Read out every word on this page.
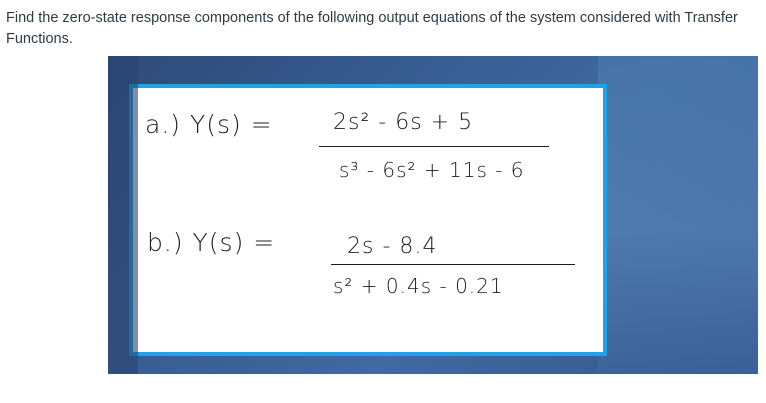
Find the zero-state response components of the following output equations of the system considered with Transfer Functions.
a.) Y(s) =	2s² - 6s + 5
s³ - 6s² + 11s - 6
b.) Y(s) =	2s - 8.4
s² + 0.4s - 0.21
